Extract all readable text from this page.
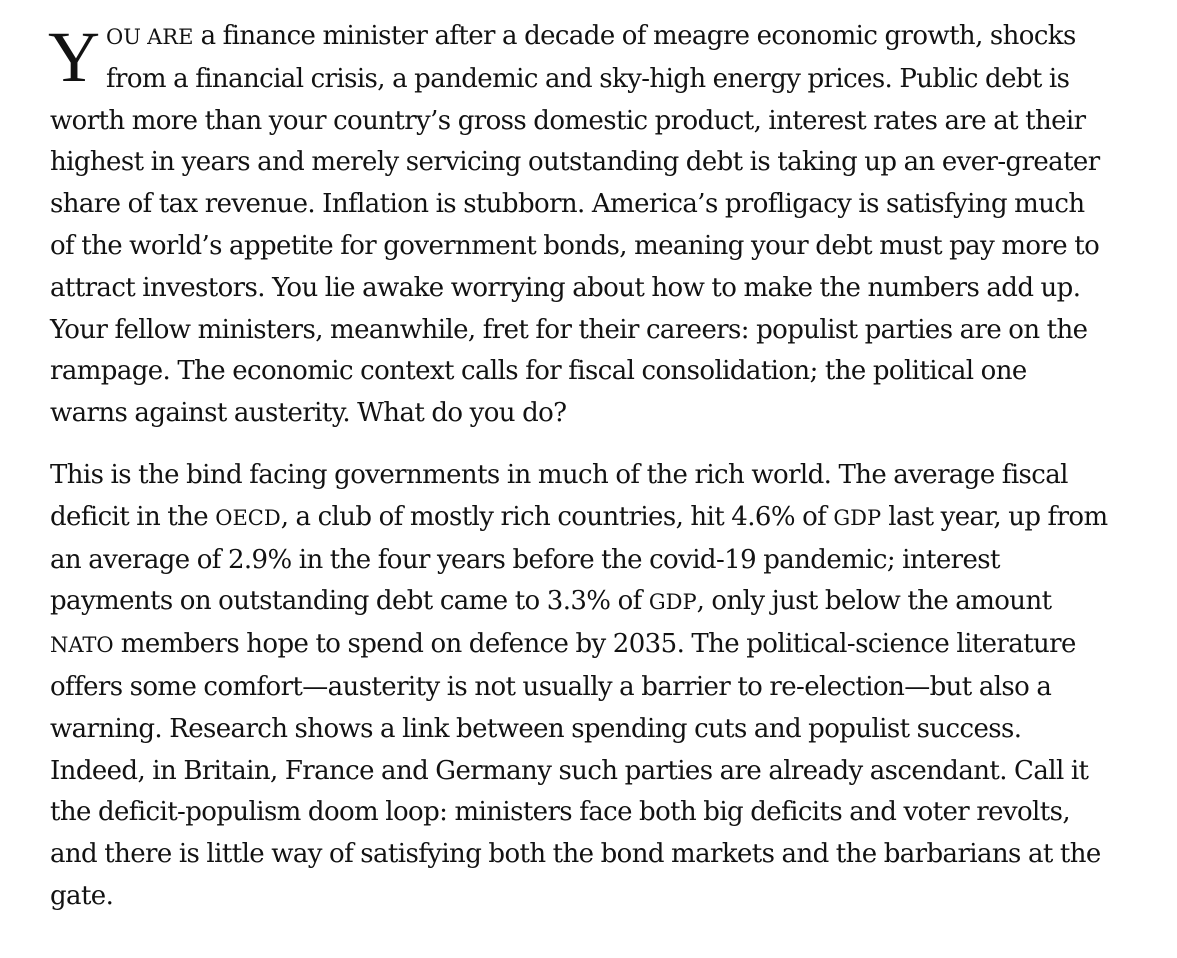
YOU ARE a finance minister after a decade of meagre economic growth, shocks from a financial crisis, a pandemic and sky-high energy prices. Public debt is worth more than your country’s gross domestic product, interest rates are at their highest in years and merely servicing outstanding debt is taking up an ever-greater share of tax revenue. Inflation is stubborn. America’s profligacy is satisfying much of the world’s appetite for government bonds, meaning your debt must pay more to attract investors. You lie awake worrying about how to make the numbers add up. Your fellow ministers, meanwhile, fret for their careers: populist parties are on the rampage. The economic context calls for fiscal consolidation; the political one warns against austerity. What do you do?

This is the bind facing governments in much of the rich world. The average fiscal deficit in the OECD, a club of mostly rich countries, hit 4.6% of GDP last year, up from an average of 2.9% in the four years before the covid-19 pandemic; interest payments on outstanding debt came to 3.3% of GDP, only just below the amount NATO members hope to spend on defence by 2035. The political-science literature offers some comfort—austerity is not usually a barrier to re-election—but also a warning. Research shows a link between spending cuts and populist success. Indeed, in Britain, France and Germany such parties are already ascendant. Call it the deficit-populism doom loop: ministers face both big deficits and voter revolts, and there is little way of satisfying both the bond markets and the barbarians at the gate.
